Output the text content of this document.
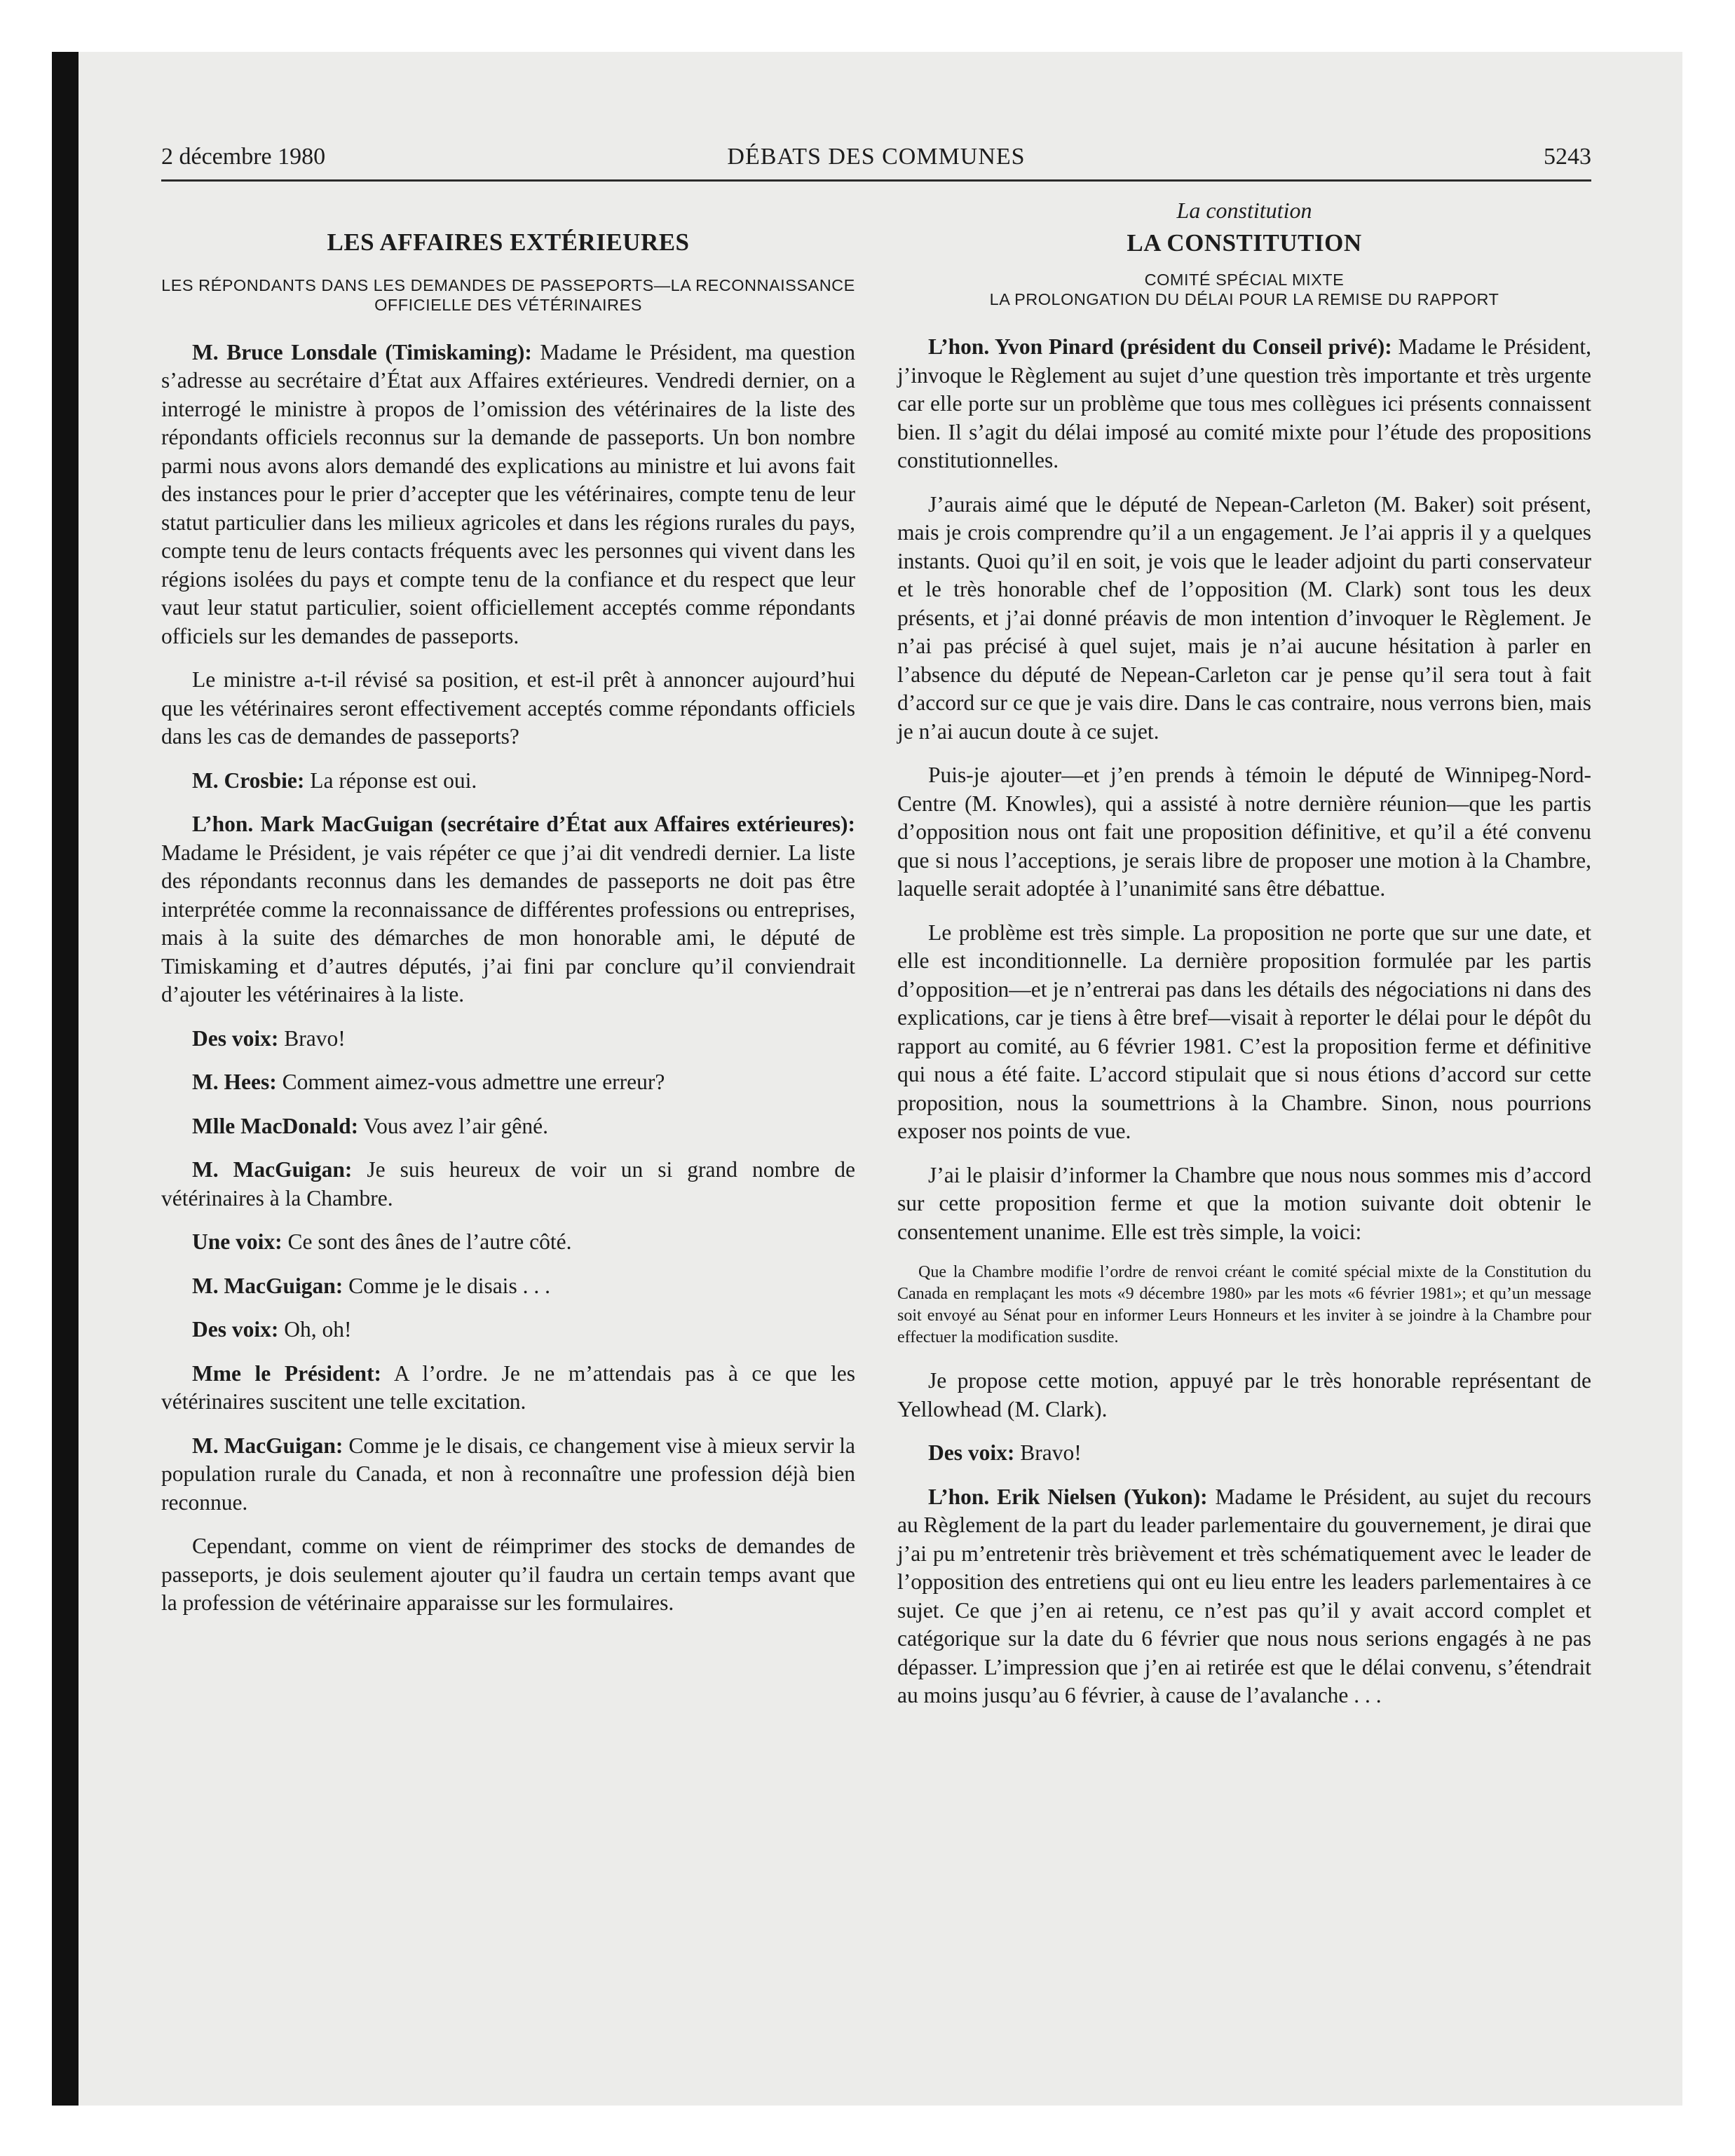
2 décembre 1980	DÉBATS DES COMMUNES	5243
LES AFFAIRES EXTÉRIEURES
LES RÉPONDANTS DANS LES DEMANDES DE PASSEPORTS—LA RECONNAISSANCE OFFICIELLE DES VÉTÉRINAIRES

M. Bruce Lonsdale (Timiskaming): Madame le Président, ma question s’adresse au secrétaire d’État aux Affaires extérieures. Vendredi dernier, on a interrogé le ministre à propos de l’omission des vétérinaires de la liste des répondants officiels reconnus sur la demande de passeports. Un bon nombre parmi nous avons alors demandé des explications au ministre et lui avons fait des instances pour le prier d’accepter que les vétérinaires, compte tenu de leur statut particulier dans les milieux agricoles et dans les régions rurales du pays, compte tenu de leurs contacts fréquents avec les personnes qui vivent dans les régions isolées du pays et compte tenu de la confiance et du respect que leur vaut leur statut particulier, soient officiellement acceptés comme répondants officiels sur les demandes de passeports.

Le ministre a-t-il révisé sa position, et est-il prêt à annoncer aujourd’hui que les vétérinaires seront effectivement acceptés comme répondants officiels dans les cas de demandes de passeports?

M. Crosbie: La réponse est oui.

L’hon. Mark MacGuigan (secrétaire d’État aux Affaires extérieures): Madame le Président, je vais répéter ce que j’ai dit vendredi dernier. La liste des répondants reconnus dans les demandes de passeports ne doit pas être interprétée comme la reconnaissance de différentes professions ou entreprises, mais à la suite des démarches de mon honorable ami, le député de Timiskaming et d’autres députés, j’ai fini par conclure qu’il conviendrait d’ajouter les vétérinaires à la liste.

Des voix: Bravo!

M. Hees: Comment aimez-vous admettre une erreur?

Mlle MacDonald: Vous avez l’air gêné.

M. MacGuigan: Je suis heureux de voir un si grand nombre de vétérinaires à la Chambre.

Une voix: Ce sont des ânes de l’autre côté.

M. MacGuigan: Comme je le disais . . .

Des voix: Oh, oh!

Mme le Président: A l’ordre. Je ne m’attendais pas à ce que les vétérinaires suscitent une telle excitation.

M. MacGuigan: Comme je le disais, ce changement vise à mieux servir la population rurale du Canada, et non à reconnaître une profession déjà bien reconnue.

Cependant, comme on vient de réimprimer des stocks de demandes de passeports, je dois seulement ajouter qu’il faudra un certain temps avant que la profession de vétérinaire apparaisse sur les formulaires.

La constitution
LA CONSTITUTION
COMITÉ SPÉCIAL MIXTE
LA PROLONGATION DU DÉLAI POUR LA REMISE DU RAPPORT

L’hon. Yvon Pinard (président du Conseil privé): Madame le Président, j’invoque le Règlement au sujet d’une question très importante et très urgente car elle porte sur un problème que tous mes collègues ici présents connaissent bien. Il s’agit du délai imposé au comité mixte pour l’étude des propositions constitutionnelles.

J’aurais aimé que le député de Nepean-Carleton (M. Baker) soit présent, mais je crois comprendre qu’il a un engagement. Je l’ai appris il y a quelques instants. Quoi qu’il en soit, je vois que le leader adjoint du parti conservateur et le très honorable chef de l’opposition (M. Clark) sont tous les deux présents, et j’ai donné préavis de mon intention d’invoquer le Règlement. Je n’ai pas précisé à quel sujet, mais je n’ai aucune hésitation à parler en l’absence du député de Nepean-Carleton car je pense qu’il sera tout à fait d’accord sur ce que je vais dire. Dans le cas contraire, nous verrons bien, mais je n’ai aucun doute à ce sujet.

Puis-je ajouter—et j’en prends à témoin le député de Winnipeg-Nord-Centre (M. Knowles), qui a assisté à notre dernière réunion—que les partis d’opposition nous ont fait une proposition définitive, et qu’il a été convenu que si nous l’acceptions, je serais libre de proposer une motion à la Chambre, laquelle serait adoptée à l’unanimité sans être débattue.

Le problème est très simple. La proposition ne porte que sur une date, et elle est inconditionnelle. La dernière proposition formulée par les partis d’opposition—et je n’entrerai pas dans les détails des négociations ni dans des explications, car je tiens à être bref—visait à reporter le délai pour le dépôt du rapport au comité, au 6 février 1981. C’est la proposition ferme et définitive qui nous a été faite. L’accord stipulait que si nous étions d’accord sur cette proposition, nous la soumettrions à la Chambre. Sinon, nous pourrions exposer nos points de vue.

J’ai le plaisir d’informer la Chambre que nous nous sommes mis d’accord sur cette proposition ferme et que la motion suivante doit obtenir le consentement unanime. Elle est très simple, la voici:

Que la Chambre modifie l’ordre de renvoi créant le comité spécial mixte de la Constitution du Canada en remplaçant les mots «9 décembre 1980» par les mots «6 février 1981»; et qu’un message soit envoyé au Sénat pour en informer Leurs Honneurs et les inviter à se joindre à la Chambre pour effectuer la modification susdite.

Je propose cette motion, appuyé par le très honorable représentant de Yellowhead (M. Clark).

Des voix: Bravo!

L’hon. Erik Nielsen (Yukon): Madame le Président, au sujet du recours au Règlement de la part du leader parlementaire du gouvernement, je dirai que j’ai pu m’entretenir très brièvement et très schématiquement avec le leader de l’opposition des entretiens qui ont eu lieu entre les leaders parlementaires à ce sujet. Ce que j’en ai retenu, ce n’est pas qu’il y avait accord complet et catégorique sur la date du 6 février que nous nous serions engagés à ne pas dépasser. L’impression que j’en ai retirée est que le délai convenu, s’étendrait au moins jusqu’au 6 février, à cause de l’avalanche . . .
